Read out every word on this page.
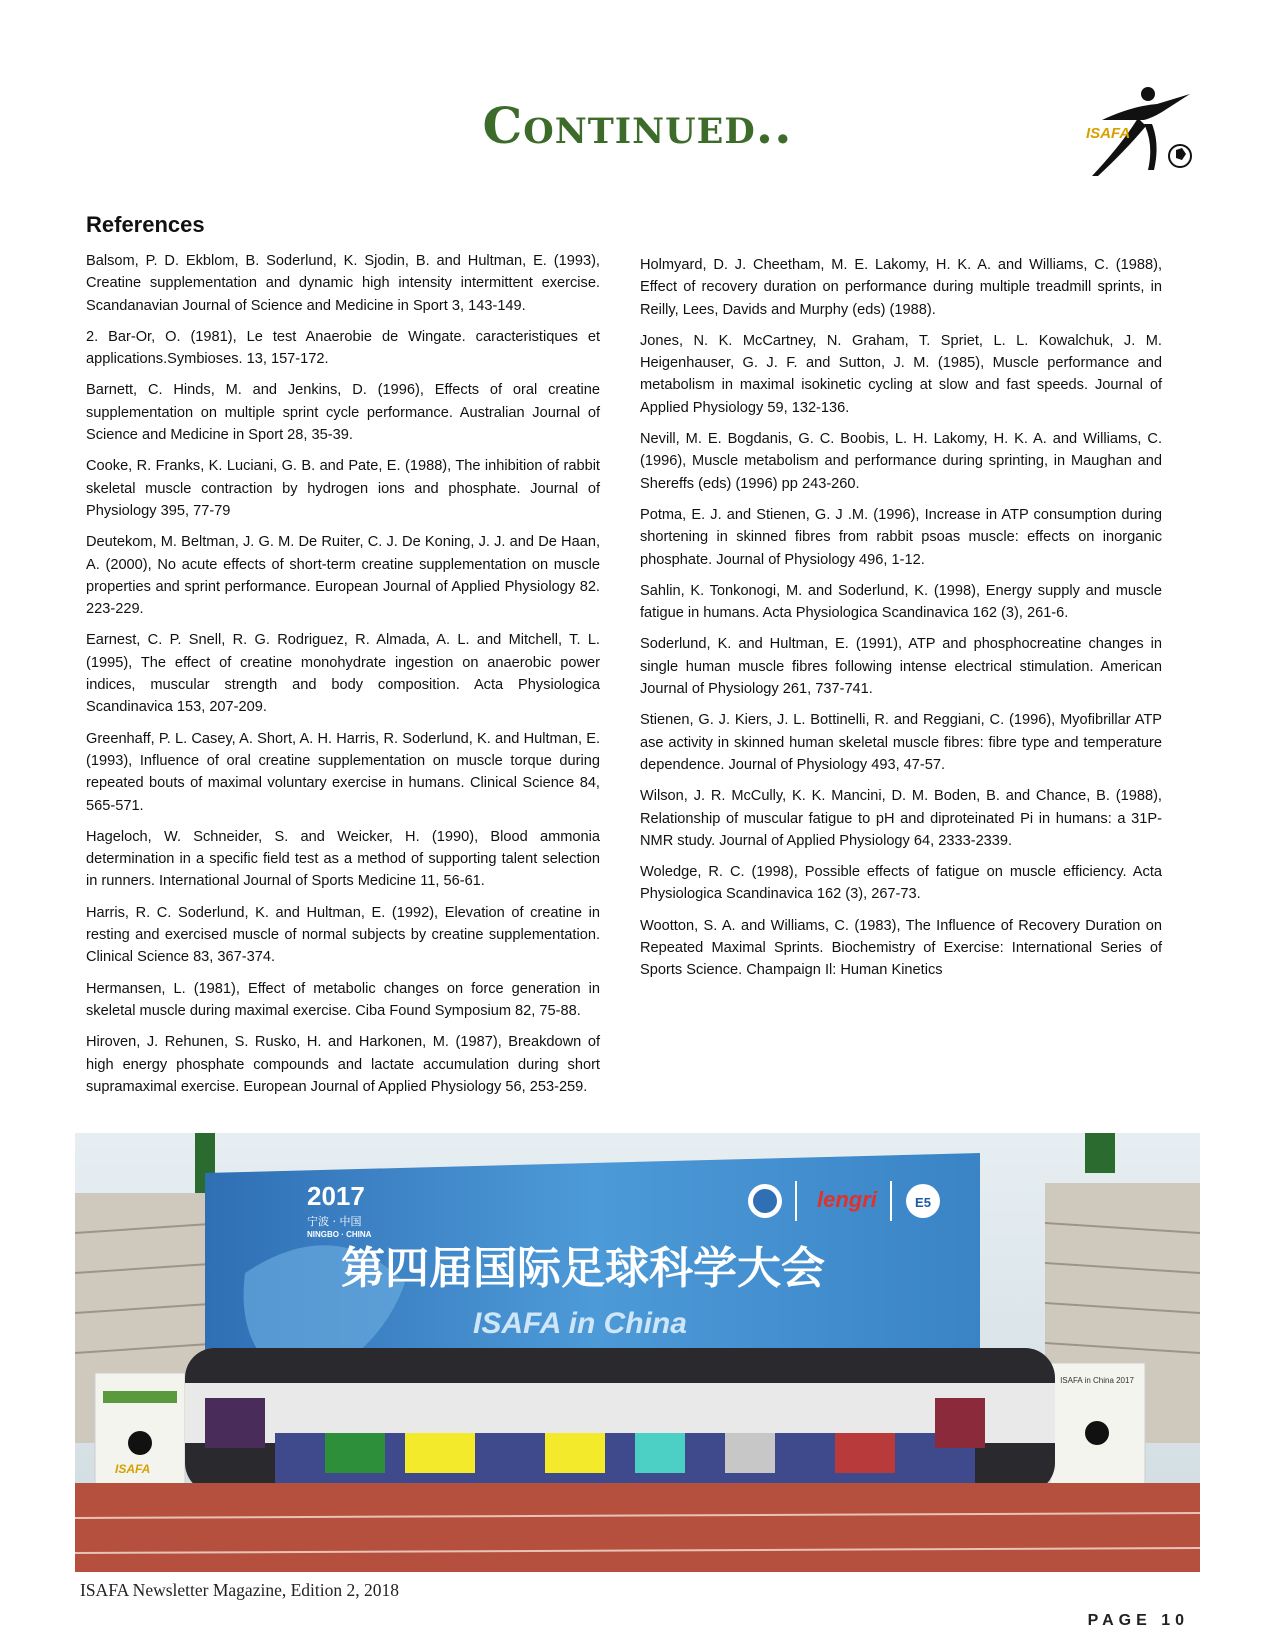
Continued..	ISAFA
References

Balsom, P. D. Ekblom, B. Soderlund, K. Sjodin, B. and Hultman, E. (1993), Creatine supplementation and dynamic high intensity intermittent exercise. Scandanavian Journal of Science and Medicine in Sport 3, 143-149.

2. Bar-Or, O. (1981), Le test Anaerobie de Wingate. caracteristiques et applications.Symbioses. 13, 157-172.

Barnett, C. Hinds, M. and Jenkins, D. (1996), Effects of oral creatine supplementation on multiple sprint cycle performance. Australian Journal of Science and Medicine in Sport 28, 35-39.

Cooke, R. Franks, K. Luciani, G. B. and Pate, E. (1988), The inhibition of rabbit skeletal muscle contraction by hydrogen ions and phosphate. Journal of Physiology 395, 77-79

Deutekom, M. Beltman, J. G. M. De Ruiter, C. J. De Koning, J. J. and De Haan, A. (2000), No acute effects of short-term creatine supplementation on muscle properties and sprint performance. European Journal of Applied Physiology 82. 223-229.

Earnest, C. P. Snell, R. G. Rodriguez, R. Almada, A. L. and Mitchell, T. L. (1995), The effect of creatine monohydrate ingestion on anaerobic power indices, muscular strength and body composition. Acta Physiologica Scandinavica 153, 207-209.

Greenhaff, P. L. Casey, A. Short, A. H. Harris, R. Soderlund, K. and Hultman, E. (1993), Influence of oral creatine supplementation on muscle torque during repeated bouts of maximal voluntary exercise in humans. Clinical Science 84, 565-571.

Hageloch, W. Schneider, S. and Weicker, H. (1990), Blood ammonia determination in a specific field test as a method of supporting talent selection in runners. International Journal of Sports Medicine 11, 56-61.

Harris, R. C. Soderlund, K. and Hultman, E. (1992), Elevation of creatine in resting and exercised muscle of normal subjects by creatine supplementation. Clinical Science 83, 367-374.

Hermansen, L. (1981), Effect of metabolic changes on force generation in skeletal muscle during maximal exercise. Ciba Found Symposium 82, 75-88.

Hiroven, J. Rehunen, S. Rusko, H. and Harkonen, M. (1987), Breakdown of high energy phosphate compounds and lactate accumulation during short supramaximal exercise. European Journal of Applied Physiology 56, 253-259.

Holmyard, D. J. Cheetham, M. E. Lakomy, H. K. A. and Williams, C. (1988), Effect of recovery duration on performance during multiple treadmill sprints, in Reilly, Lees, Davids and Murphy (eds) (1988).

Jones, N. K. McCartney, N. Graham, T. Spriet, L. L. Kowalchuk, J. M. Heigenhauser, G. J. F. and Sutton, J. M. (1985), Muscle performance and metabolism in maximal isokinetic cycling at slow and fast speeds. Journal of Applied Physiology 59, 132-136.

Nevill, M. E. Bogdanis, G. C. Boobis, L. H. Lakomy, H. K. A. and Williams, C. (1996), Muscle metabolism and performance during sprinting, in Maughan and Shereffs (eds) (1996) pp 243-260.

Potma, E. J. and Stienen, G. J .M. (1996), Increase in ATP consumption during shortening in skinned fibres from rabbit psoas muscle: effects on inorganic phosphate. Journal of Physiology 496, 1-12.

Sahlin, K. Tonkonogi, M. and Soderlund, K. (1998), Energy supply and muscle fatigue in humans. Acta Physiologica Scandinavica 162 (3), 261-6.

Soderlund, K. and Hultman, E. (1991), ATP and phosphocreatine changes in single human muscle fibres following intense electrical stimulation. American Journal of Physiology 261, 737-741.

Stienen, G. J. Kiers, J. L. Bottinelli, R. and Reggiani, C. (1996), Myofibrillar ATP ase activity in skinned human skeletal muscle fibres: fibre type and temperature dependence. Journal of Physiology 493, 47-57.

Wilson, J. R. McCully, K. K. Mancini, D. M. Boden, B. and Chance, B. (1988), Relationship of muscular fatigue to pH and diproteinated Pi in humans: a 31P-NMR study. Journal of Applied Physiology 64, 2333-2339.

Woledge, R. C. (1998), Possible effects of fatigue on muscle efficiency. Acta Physiologica Scandinavica 162 (3), 267-73.

Wootton, S. A. and Williams, C. (1983), The Influence of Recovery Duration on Repeated Maximal Sprints. Biochemistry of Exercise: International Series of Sports Science. Champaign Il: Human Kinetics

2017
宁波 · 中国
NINGBO · CHINA
lengri	E5
第四届国际足球科学大会
ISAFA in China
ISAFA
ISAFA in China 2017
ISAFA Newsletter Magazine, Edition 2, 2018
PAGE 10
